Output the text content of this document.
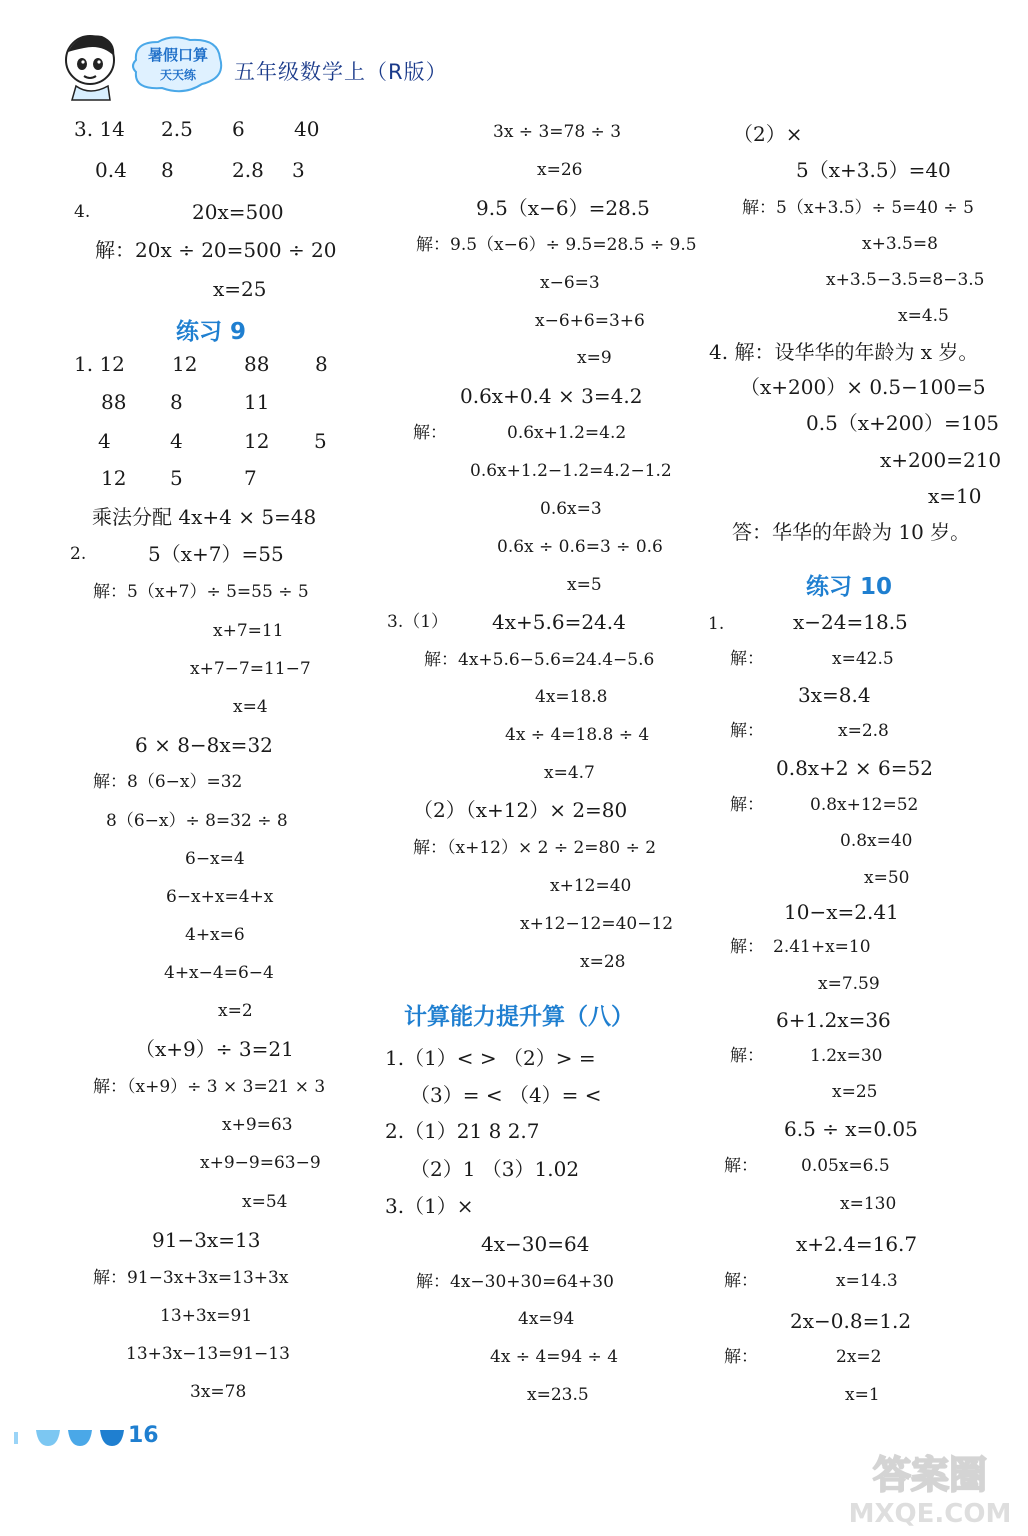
暑假口算
天天练 五年级数学上（R版）
3. 14 2.5 6 40
0.4 8	2.8 3
4.	20x=500
解：20x ÷ 20=500 ÷ 20
x=25
1. 12 12 88 8
88 8	11
4	4	12 5
12 5	7
乘法分配 4x+4 × 5=48
2.	5（x+7）=55
解：5（x+7）÷ 5=55 ÷ 5
x+7=11
x+7−7=11−7
x=4
6 × 8−8x=32
解：8（6−x）=32
8（6−x）÷ 8=32 ÷ 8
6−x=4
6−x+x=4+x
4+x=6
4+x−4=6−4
x=2
（x+9）÷ 3=21
解：（x+9）÷ 3 × 3=21 × 3
x+9=63
x+9−9=63−9
x=54
91−3x=13
解：91−3x+3x=13+3x
13+3x=91
13+3x−13=91−13
3x=78
3x ÷ 3=78 ÷ 3
x=26
9.5（x−6）=28.5
解：9.5（x−6）÷ 9.5=28.5 ÷ 9.5
x−6=3
x−6+6=3+6
x=9
0.6x+0.4 × 3=4.2
解：	0.6x+1.2=4.2
0.6x+1.2−1.2=4.2−1.2
0.6x=3
0.6x ÷ 0.6=3 ÷ 0.6
x=5
3.（1） 4x+5.6=24.4
解：4x+5.6−5.6=24.4−5.6
4x=18.8
4x ÷ 4=18.8 ÷ 4
x=4.7
（2）（x+12）× 2=80
解：（x+12）× 2 ÷ 2=80 ÷ 2
x+12=40
x+12−12=40−12
x=28
1.（1）< > （2）> =
（3）= < （4）= <
2.（1）21 8 2.7
（2）1 （3）1.02
3.（1）×
4x−30=64
解：4x−30+30=64+30
4x=94
4x ÷ 4=94 ÷ 4
x=23.5
（2）×
5（x+3.5）=40
解：5（x+3.5）÷ 5=40 ÷ 5
x+3.5=8
x+3.5−3.5=8−3.5
x=4.5
4. 解：设华华的年龄为 x 岁。
（x+200）× 0.5−100=5
0.5（x+200）=105
x+200=210
x=10
答：华华的年龄为 10 岁。
1.	x−24=18.5
解：	x=42.5
3x=8.4
解：	x=2.8
0.8x+2 × 6=52
解：	0.8x+12=52
0.8x=40
x=50
10−x=2.41
解： 2.41+x=10
x=7.59
6+1.2x=36
解：	1.2x=30
x=25
6.5 ÷ x=0.05
解：	0.05x=6.5
x=130
x+2.4=16.7
解：	x=14.3
2x−0.8=1.2
解：	2x=2
x=1
练习 9
计算能力提升算（八）
练习 10
16
答案圈
MXQE.COM
